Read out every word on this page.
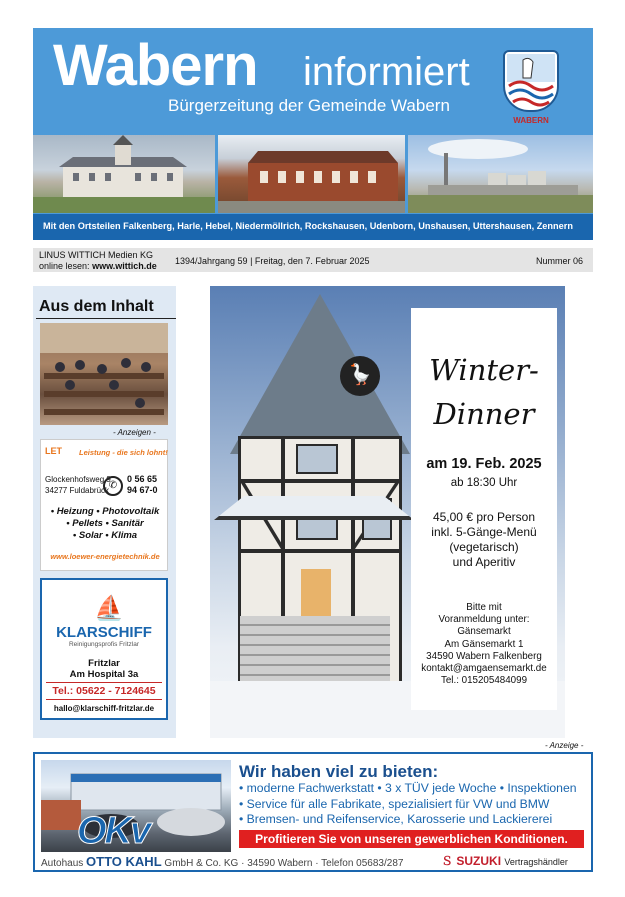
Wabern informiert
Bürgerzeitung der Gemeinde Wabern
WABERN
Mit den Ortsteilen Falkenberg, Harle, Hebel, Niedermöllrich, Rockshausen, Udenborn, Unshausen, Uttershausen, Zennern
LINUS WITTICH Medien KG
online lesen: www.wittich.de 1394/Jahrgang 59 | Freitag, den 7. Februar 2025	Nummer 06
Aus dem Inhalt
- Anzeigen -
LET Leistung - die sich lohnt!
Glockenhofsweg 9
34277 Fuldabrück ✆
0 56 65
94 67-0
• Heizung • Photovoltaik
• Pellets • Sanitär
• Solar • Klima
www.loewer-energietechnik.de
⛵
KLARSCHIFF
Reinigungsprofis Fritzlar
Fritzlar
Am Hospital 3a
Tel.: 05622 - 7124645
hallo@klarschiff-fritzlar.de
🪿	Winter-
Dinner
am 19. Feb. 2025
ab 18:30 Uhr
45,00 € pro Person
inkl. 5-Gänge-Menü
(vegetarisch)
und Aperitiv
Bitte mit
Voranmeldung unter:
Gänsemarkt
Am Gänsemarkt 1
34590 Wabern Falkenberg
kontakt@amgaensemarkt.de
Tel.: 015205484099
- Anzeige -
OKv
Wir haben viel zu bieten:
• moderne Fachwerkstatt • 3 x TÜV jede Woche • Inspektionen
• Service für alle Fabrikate, spezialisiert für VW und BMW
• Bremsen- und Reifenservice, Karosserie und Lackiererei
Profitieren Sie von unseren gewerblichen Konditionen.
Autohaus OTTO KAHL GmbH & Co. KG · 34590 Wabern · Telefon 05683/287	Ｓ SUZUKI Vertragshändler
